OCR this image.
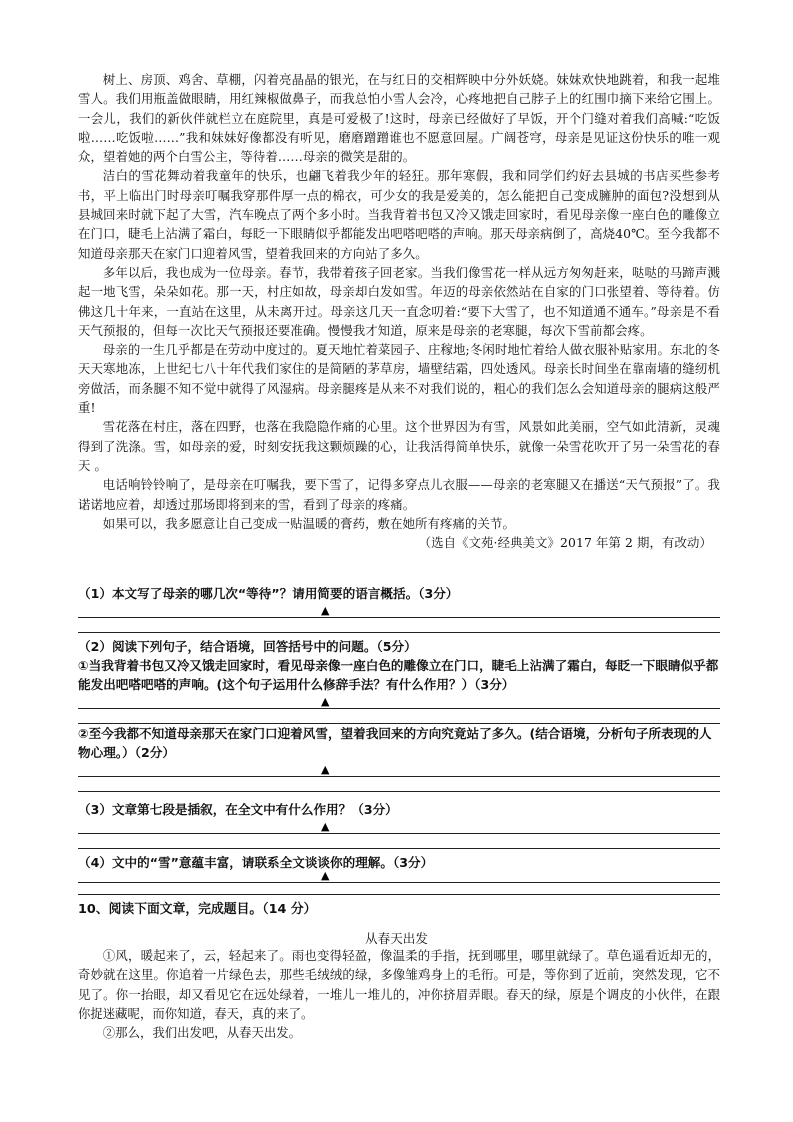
树上、房顶、鸡舍、草棚，闪着亮晶晶的银光，在与红日的交相辉映中分外妖娆。妹妹欢快地跳着，和我一起堆雪人。我们用瓶盖做眼睛，用红辣椒做鼻子，而我总怕小雪人会冷，心疼地把自己脖子上的红围巾摘下来给它围上。一会儿，我们的新伙伴就栏立在庭院里，真是可爱极了!这时，母亲已经做好了早饭，开个门缝对着我们高喊:“吃饭啦……吃饭啦……”我和妹妹好像都没有听见，磨磨蹭蹭谁也不愿意回屋。广阔苍穹，母亲是见证这份快乐的唯一观众，望着她的两个白雪公主，等待着……母亲的微笑是甜的。

洁白的雪花舞动着我童年的快乐，也翩飞着我少年的轻狂。那年寒假，我和同学们约好去县城的书店买些参考书，平上临出门时母亲叮嘱我穿那件厚一点的棉衣，可少女的我是爱美的，怎么能把自己变成臃肿的面包?没想到从县城回来时就下起了大雪，汽车晚点了两个多小时。当我背着书包又冷又饿走回家时，看见母亲像一座白色的雕像立在门口，睫毛上沾满了霜白，每眨一下眼睛似乎都能发出吧嗒吧嗒的声响。那天母亲病倒了，高烧40℃。至今我都不知道母亲那天在家门口迎着风雪，望着我回来的方向站了多久。

多年以后，我也成为一位母亲。春节，我带着孩子回老家。当我们像雪花一样从远方匆匆赶来，哒哒的马蹄声溅起一地飞雪，朵朵如花。那一天，村庄如故，母亲却白发如雪。年迈的母亲依然站在自家的门口张望着、等待着。仿佛这几十年来，一直站在这里，从未离开过。母亲这几天一直念叨着:“要下大雪了，也不知道通不通车。”母亲是不看天气预报的，但每一次比天气预报还要准确。慢慢我才知道，原来是母亲的老寒腿，每次下雪前都会疼。

母亲的一生几乎都是在劳动中度过的。夏天地忙着菜园子、庄稼地;冬闲时地忙着给人做衣服补贴家用。东北的冬天天寒地冻，上世纪七八十年代我们家住的是简陋的茅草房，墙壁结霜，四处透风。母亲长时间坐在靠南墙的缝纫机旁做活，而条腿不知不觉中就得了风湿病。母亲腿疼是从来不对我们说的，粗心的我们怎么会知道母亲的腿病这般严重!

雪花落在村庄，落在四野，也落在我隐隐作痛的心里。这个世界因为有雪，风景如此美丽，空气如此清新，灵魂得到了洗涤。雪，如母亲的爱，时刻安抚我这颗烦躁的心，让我活得简单快乐，就像一朵雪花吹开了另一朵雪花的春天 。

电话响铃铃响了，是母亲在叮嘱我，要下雪了，记得多穿点儿衣服——母亲的老寒腿又在播送“天气预报”了。我诺诺地应着，却透过那场即将到来的雪，看到了母亲的疼痛。

如果可以，我多愿意让自己变成一贴温暖的膏药，敷在她所有疼痛的关节。

（选自《文苑·经典美文》2017 年第 2 期，有改动）

（1）本文写了母亲的哪几次“等待”？请用简要的语言概括。（3分）

▲

（2）阅读下列句子，结合语境，回答括号中的问题。（5分）

①当我背着书包又冷又饿走回家时，看见母亲像一座白色的雕像立在门口，睫毛上沾满了霜白，每眨一下眼睛似乎都能发出吧嗒吧嗒的声响。(这个句子运用什么修辞手法？有什么作用？）（3分）

▲

②至今我都不知道母亲那天在家门口迎着风雪，望着我回来的方向究竟站了多久。(结合语境，分析句子所表现的人物心理。）（2分）

▲

（3）文章第七段是插叙，在全文中有什么作用？（3分）

▲

（4）文中的“雪”意蕴丰富，请联系全文谈谈你的理解。（3分）

▲
10、阅读下面文章，完成题目。（14 分）
从春天出发

①风，暖起来了，云，轻起来了。雨也变得轻盈，像温柔的手指，抚到哪里，哪里就绿了。草色遥看近却无的，奇妙就在这里。你追着一片绿色去，那些毛绒绒的绿，多像雏鸡身上的毛衎。可是，等你到了近前，突然发现，它不见了。你一抬眼，却又看见它在远处绿着，一堆儿一堆儿的，冲你挤眉弄眼。春天的绿，原是个调皮的小伙伴，在跟你捉迷藏呢，而你知道，春天，真的来了。

②那么，我们出发吧，从春天出发。
